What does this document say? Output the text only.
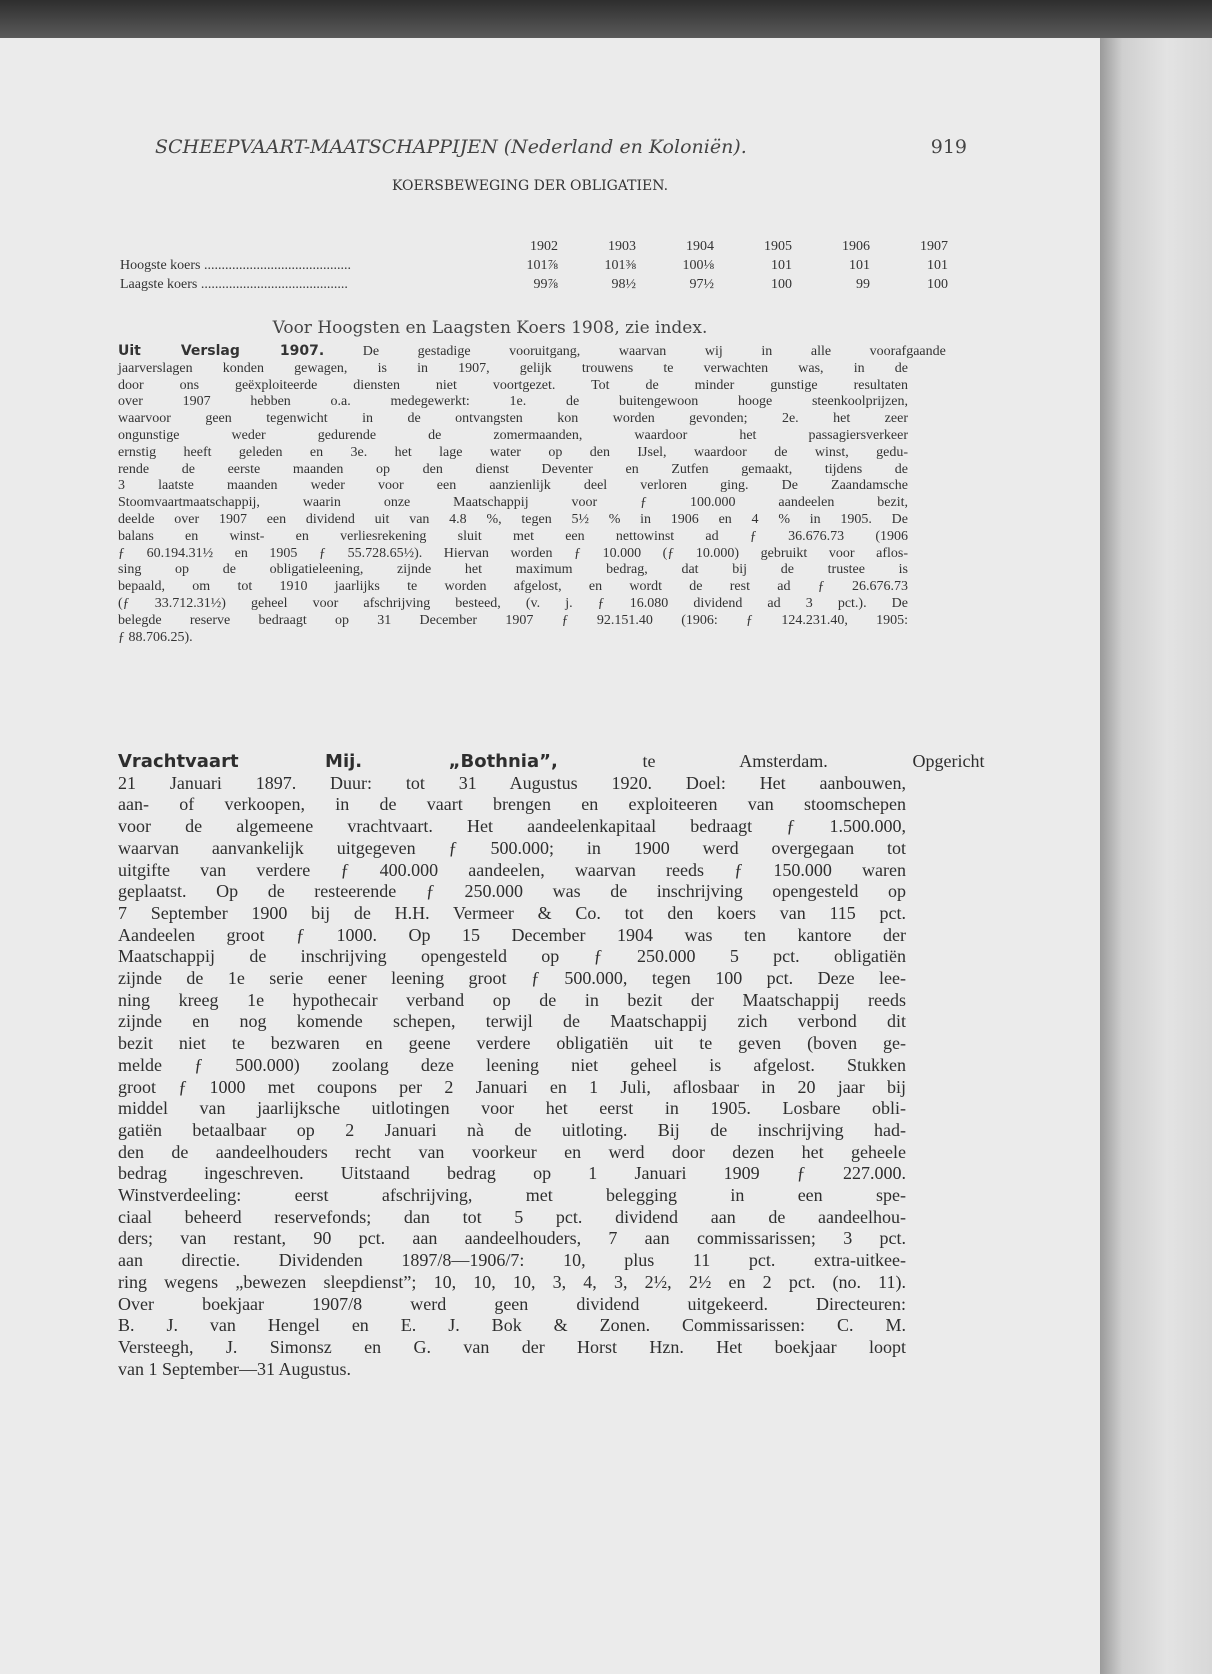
SCHEEPVAART-MAATSCHAPPIJEN (Nederland en Koloniën).	919
KOERSBEWEGING DER OBLIGATIEN.
	1902	1903	1904	1905	1906	1907
Hoogste koers ..........................................	101⅞	101⅜	100⅛	101	101	101
Laagste koers ..........................................	99⅞	98½	97½	100	99	100
Voor Hoogsten en Laagsten Koers 1908, zie index.
Uit Verslag 1907.	De gestadige vooruitgang, waarvan wij in alle voorafgaande
jaarverslagen konden gewagen, is in 1907, gelijk trouwens te verwachten was, in de
door ons geëxploiteerde diensten niet voortgezet. Tot de minder gunstige resultaten
over 1907 hebben o.a. medegewerkt: 1e. de buitengewoon hooge steenkoolprijzen,
waarvoor geen tegenwicht in de ontvangsten kon worden gevonden; 2e. het zeer
ongunstige weder gedurende de zomermaanden, waardoor het passagiersverkeer
ernstig heeft geleden en 3e. het lage water op den IJsel, waardoor de winst, gedu-
rende de eerste maanden op den dienst Deventer en Zutfen gemaakt, tijdens de
3 laatste maanden weder voor een aanzienlijk deel verloren ging. De Zaandamsche
Stoomvaartmaatschappij, waarin onze Maatschappij voor ƒ 100.000 aandeelen bezit,
deelde over 1907 een dividend uit van 4.8 %, tegen 5½ % in 1906 en 4 % in 1905. De
balans en winst- en verliesrekening sluit met een nettowinst ad ƒ 36.676.73 (1906
ƒ 60.194.31½ en 1905 ƒ 55.728.65½). Hiervan worden ƒ 10.000 (ƒ 10.000) gebruikt voor aflos-
sing op de obligatieleening, zijnde het maximum bedrag, dat bij de trustee is
bepaald, om tot 1910 jaarlijks te worden afgelost, en wordt de rest ad ƒ 26.676.73
(ƒ 33.712.31½) geheel voor afschrijving besteed, (v. j. ƒ 16.080 dividend ad 3 pct.). De
belegde reserve bedraagt op 31 December 1907 ƒ 92.151.40 (1906: ƒ 124.231.40, 1905:
ƒ 88.706.25).
Vrachtvaart Mij. „Bothnia”,	te Amsterdam. Opgericht
21 Januari 1897. Duur: tot 31 Augustus 1920. Doel: Het aanbouwen,
aan- of verkoopen, in de vaart brengen en exploiteeren van stoomschepen
voor de algemeene vrachtvaart. Het aandeelenkapitaal bedraagt ƒ 1.500.000,
waarvan aanvankelijk uitgegeven ƒ 500.000; in 1900 werd overgegaan tot
uitgifte van verdere ƒ 400.000 aandeelen, waarvan reeds ƒ 150.000 waren
geplaatst. Op de resteerende ƒ 250.000 was de inschrijving opengesteld op
7 September 1900 bij de H.H. Vermeer & Co. tot den koers van 115 pct.
Aandeelen groot ƒ 1000. Op 15 December 1904 was ten kantore der
Maatschappij de inschrijving opengesteld op ƒ 250.000 5 pct. obligatiën
zijnde de 1e serie eener leening groot ƒ 500.000, tegen 100 pct. Deze lee-
ning kreeg 1e hypothecair verband op de in bezit der Maatschappij reeds
zijnde en nog komende schepen, terwijl de Maatschappij zich verbond dit
bezit niet te bezwaren en geene verdere obligatiën uit te geven (boven ge-
melde ƒ 500.000) zoolang deze leening niet geheel is afgelost. Stukken
groot ƒ 1000 met coupons per 2 Januari en 1 Juli, aflosbaar in 20 jaar bij
middel van jaarlijksche uitlotingen voor het eerst in 1905. Losbare obli-
gatiën betaalbaar op 2 Januari nà de uitloting. Bij de inschrijving had-
den de aandeelhouders recht van voorkeur en werd door dezen het geheele
bedrag ingeschreven. Uitstaand bedrag op 1 Januari 1909 ƒ 227.000.
Winstverdeeling: eerst afschrijving, met belegging in een spe-
ciaal beheerd reservefonds; dan tot 5 pct. dividend aan de aandeelhou-
ders; van restant, 90 pct. aan aandeelhouders, 7 aan commissarissen; 3 pct.
aan directie. Dividenden 1897/8—1906/7: 10, plus 11 pct. extra-uitkee-
ring wegens „bewezen sleepdienst”; 10, 10, 10, 3, 4, 3, 2½, 2½ en 2 pct. (no. 11).
Over boekjaar 1907/8 werd geen dividend uitgekeerd. Directeuren:
B. J. van Hengel en E. J. Bok & Zonen. Commissarissen: C. M.
Versteegh, J. Simonsz en G. van der Horst Hzn. Het boekjaar loopt
van 1 September—31 Augustus.
